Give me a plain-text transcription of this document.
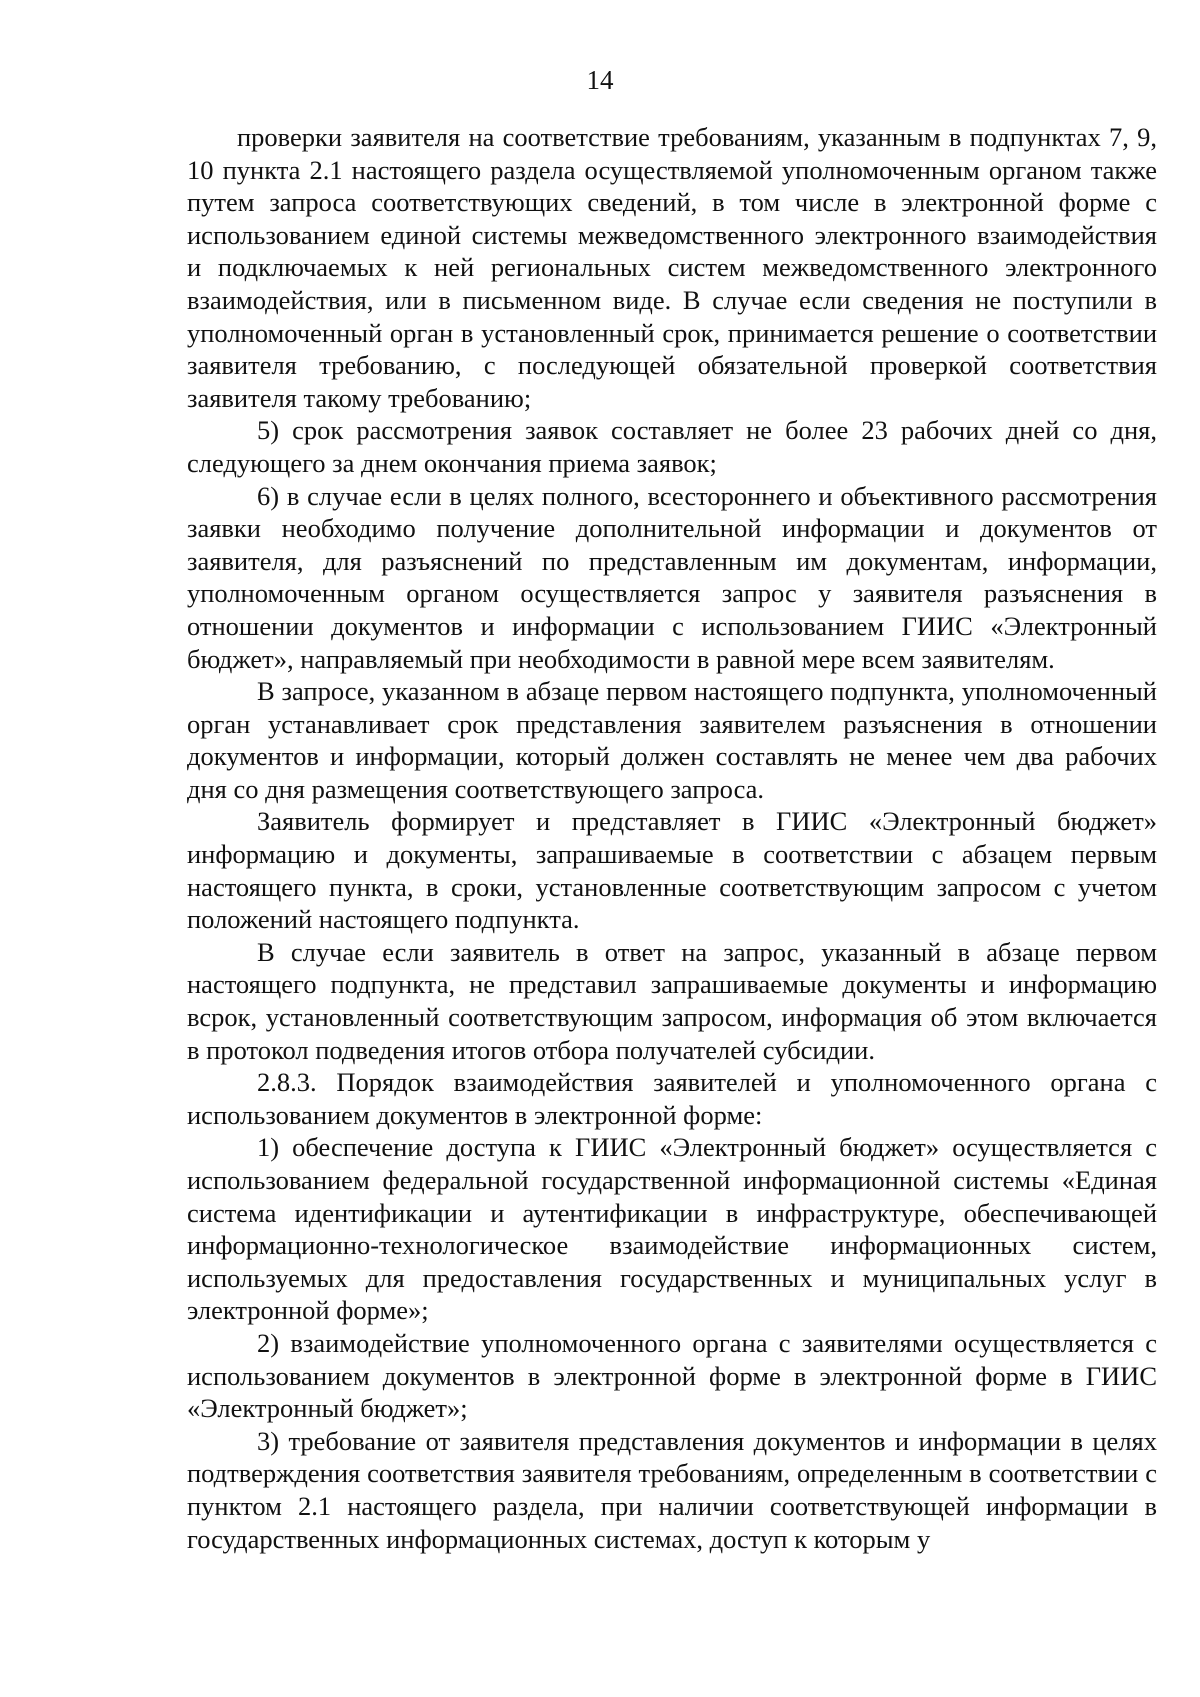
14

проверки заявителя на соответствие требованиям, указанным в подпунктах 7, 9, 10 пункта 2.1 настоящего раздела осуществляемой уполномоченным органом также путем запроса соответствующих сведений, в том числе в электронной форме с использованием единой системы межведомственного электронного взаимодействия и подключаемых к ней региональных систем межведомственного электронного взаимодействия, или в письменном виде. В случае если сведения не поступили в уполномоченный орган в установленный срок, принимается решение о соответствии заявителя требованию, с последующей обязательной проверкой соответствия заявителя такому требованию;

5) срок рассмотрения заявок составляет не более 23 рабочих дней со дня, следующего за днем окончания приема заявок;

6) в случае если в целях полного, всестороннего и объективного рассмотрения заявки необходимо получение дополнительной информации и документов от заявителя, для разъяснений по представленным им документам, информации, уполномоченным органом осуществляется запрос у заявителя разъяснения в отношении документов и информации с использованием ГИИС «Электронный бюджет», направляемый при необходимости в равной мере всем заявителям.

В запросе, указанном в абзаце первом настоящего подпункта, уполномоченный орган устанавливает срок представления заявителем разъяснения в отношении документов и информации, который должен составлять не менее чем два рабочих дня со дня размещения соответствующего запроса.

Заявитель формирует и представляет в ГИИС «Электронный бюджет» информацию и документы, запрашиваемые в соответствии с абзацем первым настоящего пункта, в сроки, установленные соответствующим запросом с учетом положений настоящего подпункта.

В случае если заявитель в ответ на запрос, указанный в абзаце первом настоящего подпункта, не представил запрашиваемые документы и информацию всрок, установленный соответствующим запросом, информация об этом включается в протокол подведения итогов отбора получателей субсидии.

2.8.3. Порядок взаимодействия заявителей и уполномоченного органа с использованием документов в электронной форме:

1) обеспечение доступа к ГИИС «Электронный бюджет» осуществляется с использованием федеральной государственной информационной системы «Единая система идентификации и аутентификации в инфраструктуре, обеспечивающей информационно-технологическое взаимодействие информационных систем, используемых для предоставления государственных и муниципальных услуг в электронной форме»;

2) взаимодействие уполномоченного органа с заявителями осуществляется с использованием документов в электронной форме в электронной форме в ГИИС «Электронный бюджет»;

3) требование от заявителя представления документов и информации в целях подтверждения соответствия заявителя требованиям, определенным в соответствии с пунктом 2.1 настоящего раздела, при наличии соответствующей информации в государственных информационных системах, доступ к которым у
